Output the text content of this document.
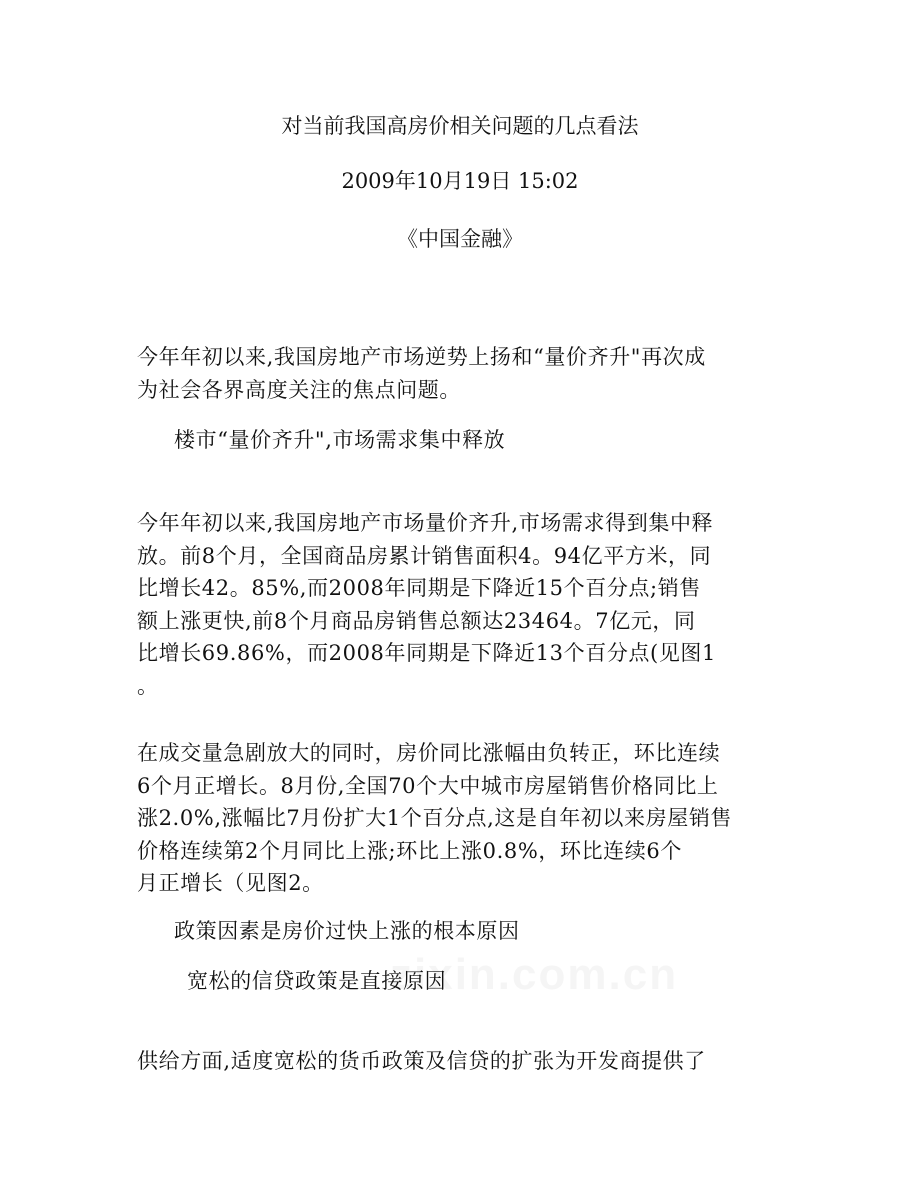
zixin.com.cn
对当前我国高房价相关问题的几点看法
2009年10月19日 15:02
《中国金融》
今年年初以来,我国房地产市场逆势上扬和“量价齐升"再次成
为社会各界高度关注的焦点问题。
楼市“量价齐升",市场需求集中释放
今年年初以来,我国房地产市场量价齐升,市场需求得到集中释
放。前8个月，全国商品房累计销售面积4。94亿平方米，同
比增长42。85%,而2008年同期是下降近15个百分点;销售
额上涨更快,前8个月商品房销售总额达23464。7亿元，同
比增长69.86%，而2008年同期是下降近13个百分点(见图1
。
在成交量急剧放大的同时，房价同比涨幅由负转正，环比连续
6个月正增长。8月份,全国70个大中城市房屋销售价格同比上
涨2.0%,涨幅比7月份扩大1个百分点,这是自年初以来房屋销售
价格连续第2个月同比上涨;环比上涨0.8%，环比连续6个
月正增长（见图2。
政策因素是房价过快上涨的根本原因
宽松的信贷政策是直接原因
供给方面,适度宽松的货币政策及信贷的扩张为开发商提供了
